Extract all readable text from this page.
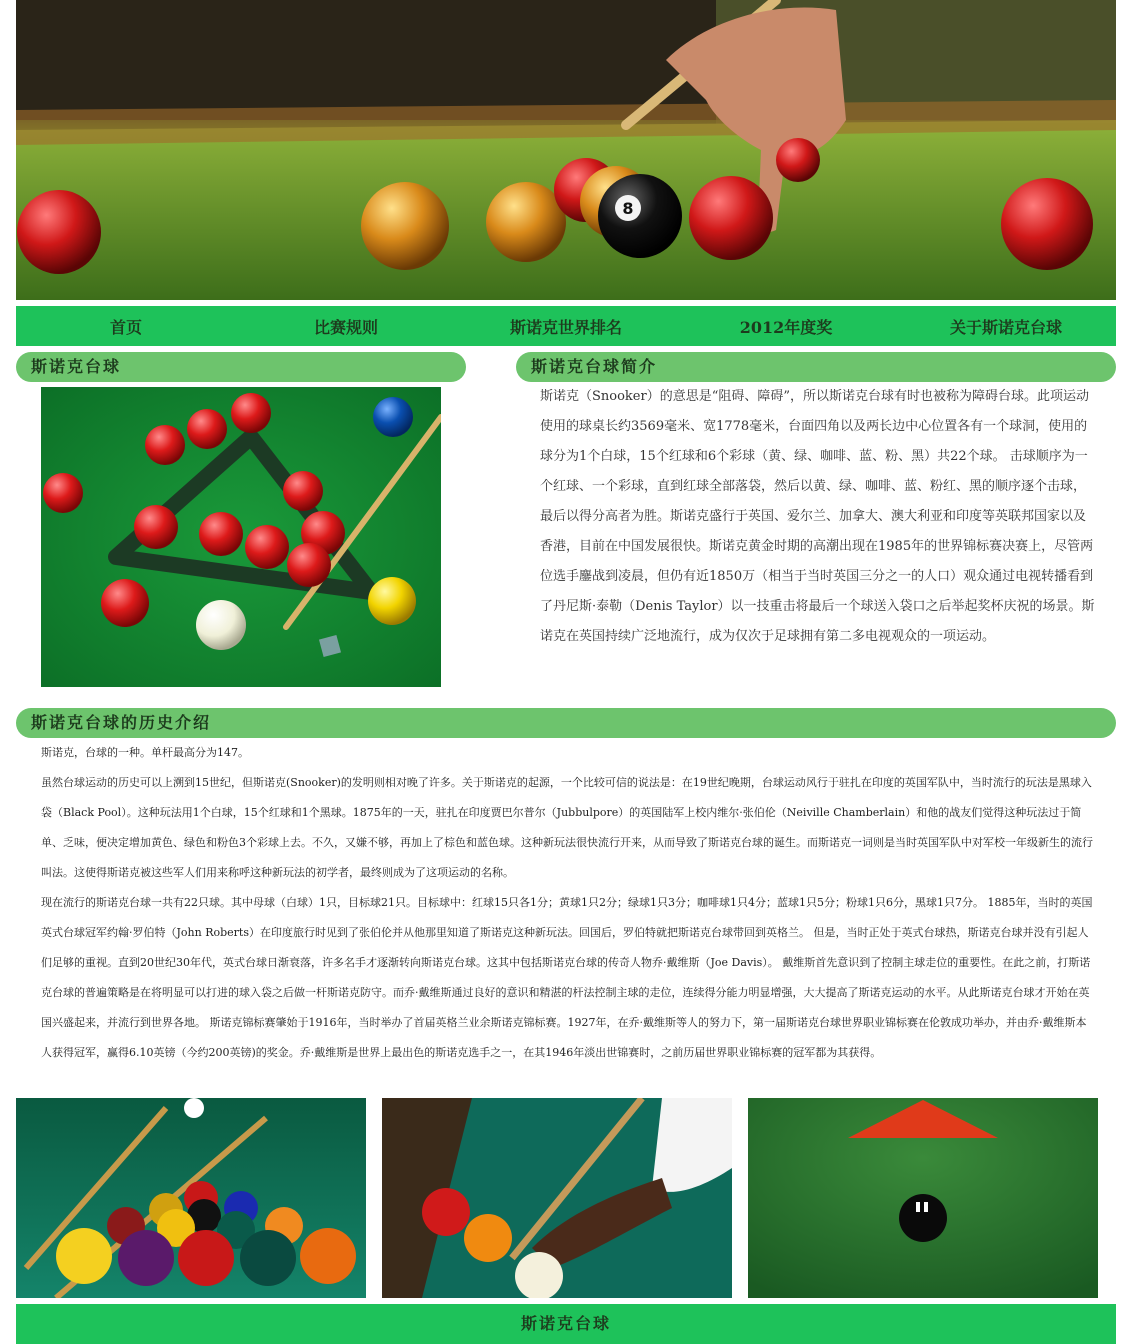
8
首页	比赛规则	斯诺克世界排名	2012年度奖	关于斯诺克台球
斯诺克台球	斯诺克台球简介
斯诺克（Snooker）的意思是“阻碍、障碍”，所以斯诺克台球有时也被称为障碍台球。此项运动使用的球桌长约3569毫米、宽1778毫米，台面四角以及两长边中心位置各有一个球洞，使用的球分为1个白球，15个红球和6个彩球（黄、绿、咖啡、蓝、粉、黑）共22个球。 击球顺序为一个红球、一个彩球，直到红球全部落袋，然后以黄、绿、咖啡、蓝、粉红、黑的顺序逐个击球，最后以得分高者为胜。斯诺克盛行于英国、爱尔兰、加拿大、澳大利亚和印度等英联邦国家以及香港，目前在中国发展很快。斯诺克黄金时期的高潮出现在1985年的世界锦标赛决赛上，尽管两位选手鏖战到凌晨，但仍有近1850万（相当于当时英国三分之一的人口）观众通过电视转播看到了丹尼斯·泰勒（Denis Taylor）以一技重击将最后一个球送入袋口之后举起奖杯庆祝的场景。斯诺克在英国持续广泛地流行，成为仅次于足球拥有第二多电视观众的一项运动。
斯诺克台球的历史介绍

斯诺克，台球的一种。单杆最高分为147。

虽然台球运动的历史可以上溯到15世纪，但斯诺克(Snooker)的发明则相对晚了许多。关于斯诺克的起源，一个比较可信的说法是：在19世纪晚期，台球运动风行于驻扎在印度的英国军队中，当时流行的玩法是黑球入袋（Black Pool）。这种玩法用1个白球，15个红球和1个黑球。1875年的一天，驻扎在印度贾巴尔普尔（Jubbulpore）的英国陆军上校内维尔·张伯伦（Neiville Chamberlain）和他的战友们觉得这种玩法过于简单、乏味，便决定增加黄色、绿色和粉色3个彩球上去。不久，又嫌不够，再加上了棕色和蓝色球。这种新玩法很快流行开来，从而导致了斯诺克台球的诞生。而斯诺克一词则是当时英国军队中对军校一年级新生的流行叫法。这使得斯诺克被这些军人们用来称呼这种新玩法的初学者，最终则成为了这项运动的名称。

现在流行的斯诺克台球一共有22只球。其中母球（白球）1只，目标球21只。目标球中：红球15只各1分；黄球1只2分；绿球1只3分；咖啡球1只4分；蓝球1只5分；粉球1只6分，黑球1只7分。 1885年，当时的英国英式台球冠军约翰·罗伯特（John Roberts）在印度旅行时见到了张伯伦并从他那里知道了斯诺克这种新玩法。回国后，罗伯特就把斯诺克台球带回到英格兰。 但是，当时正处于英式台球热，斯诺克台球并没有引起人们足够的重视。直到20世纪30年代，英式台球日渐衰落，许多名手才逐渐转向斯诺克台球。这其中包括斯诺克台球的传奇人物乔·戴维斯（Joe Davis）。 戴维斯首先意识到了控制主球走位的重要性。在此之前，打斯诺克台球的普遍策略是在将明显可以打进的球入袋之后做一杆斯诺克防守。而乔·戴维斯通过良好的意识和精湛的杆法控制主球的走位，连续得分能力明显增强，大大提高了斯诺克运动的水平。从此斯诺克台球才开始在英国兴盛起来，并流行到世界各地。 斯诺克锦标赛肇始于1916年，当时举办了首届英格兰业余斯诺克锦标赛。1927年，在乔·戴维斯等人的努力下，第一届斯诺克台球世界职业锦标赛在伦敦成功举办，并由乔·戴维斯本人获得冠军，赢得6.10英镑（今约200英镑)的奖金。乔·戴维斯是世界上最出色的斯诺克选手之一，在其1946年淡出世锦赛时，之前历届世界职业锦标赛的冠军都为其获得。

斯诺克台球
